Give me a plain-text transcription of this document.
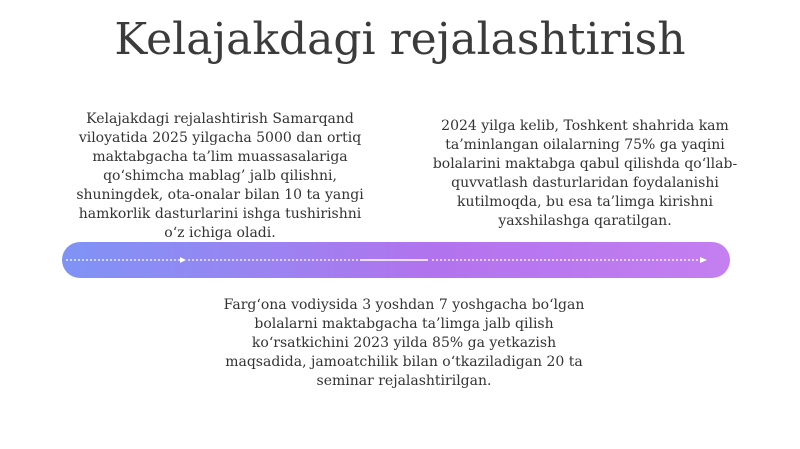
Kelajakdagi rejalashtirish
Kelajakdagi rejalashtirish Samarqand viloyatida 2025 yilgacha 5000 dan ortiq maktabgacha ta’lim muassasalariga qo‘shimcha mablag’ jalb qilishni, shuningdek, ota-onalar bilan 10 ta yangi hamkorlik dasturlarini ishga tushirishni o‘z ichiga oladi.
2024 yilga kelib, Toshkent shahrida kam ta’minlangan oilalarning 75% ga yaqini bolalarini maktabga qabul qilishda qo‘llab-quvvatlash dasturlaridan foydalanishi kutilmoqda, bu esa ta’limga kirishni yaxshilashga qaratilgan.
Farg‘ona vodiysida 3 yoshdan 7 yoshgacha bo‘lgan bolalarni maktabgacha ta’limga jalb qilish ko‘rsatkichini 2023 yilda 85% ga yetkazish maqsadida, jamoatchilik bilan o‘tkaziladigan 20 ta seminar rejalashtirilgan.
